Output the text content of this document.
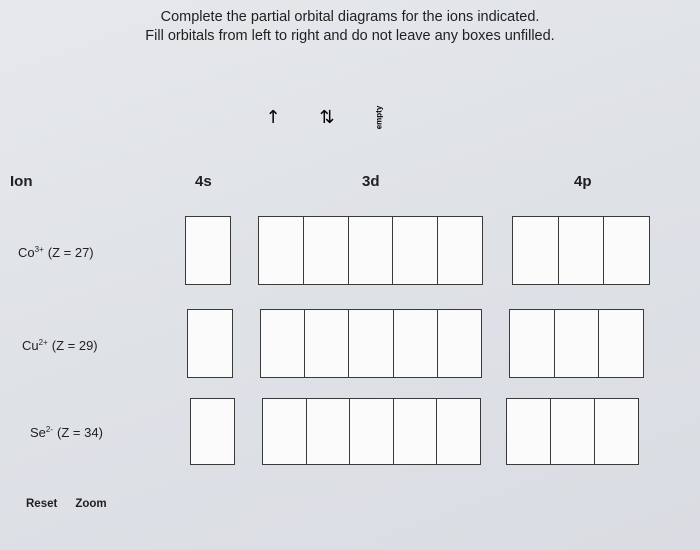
Complete the partial orbital diagrams for the ions indicated.
Fill orbitals from left to right and do not leave any boxes unfilled.
↑	⇅	empty
Ion	4s	3d	4p
$Co^{3+}$ (Z = 27)
$Cu^{2+}$ (Z = 29)
$Se^{2-}$ (Z = 34)
Reset Zoom
